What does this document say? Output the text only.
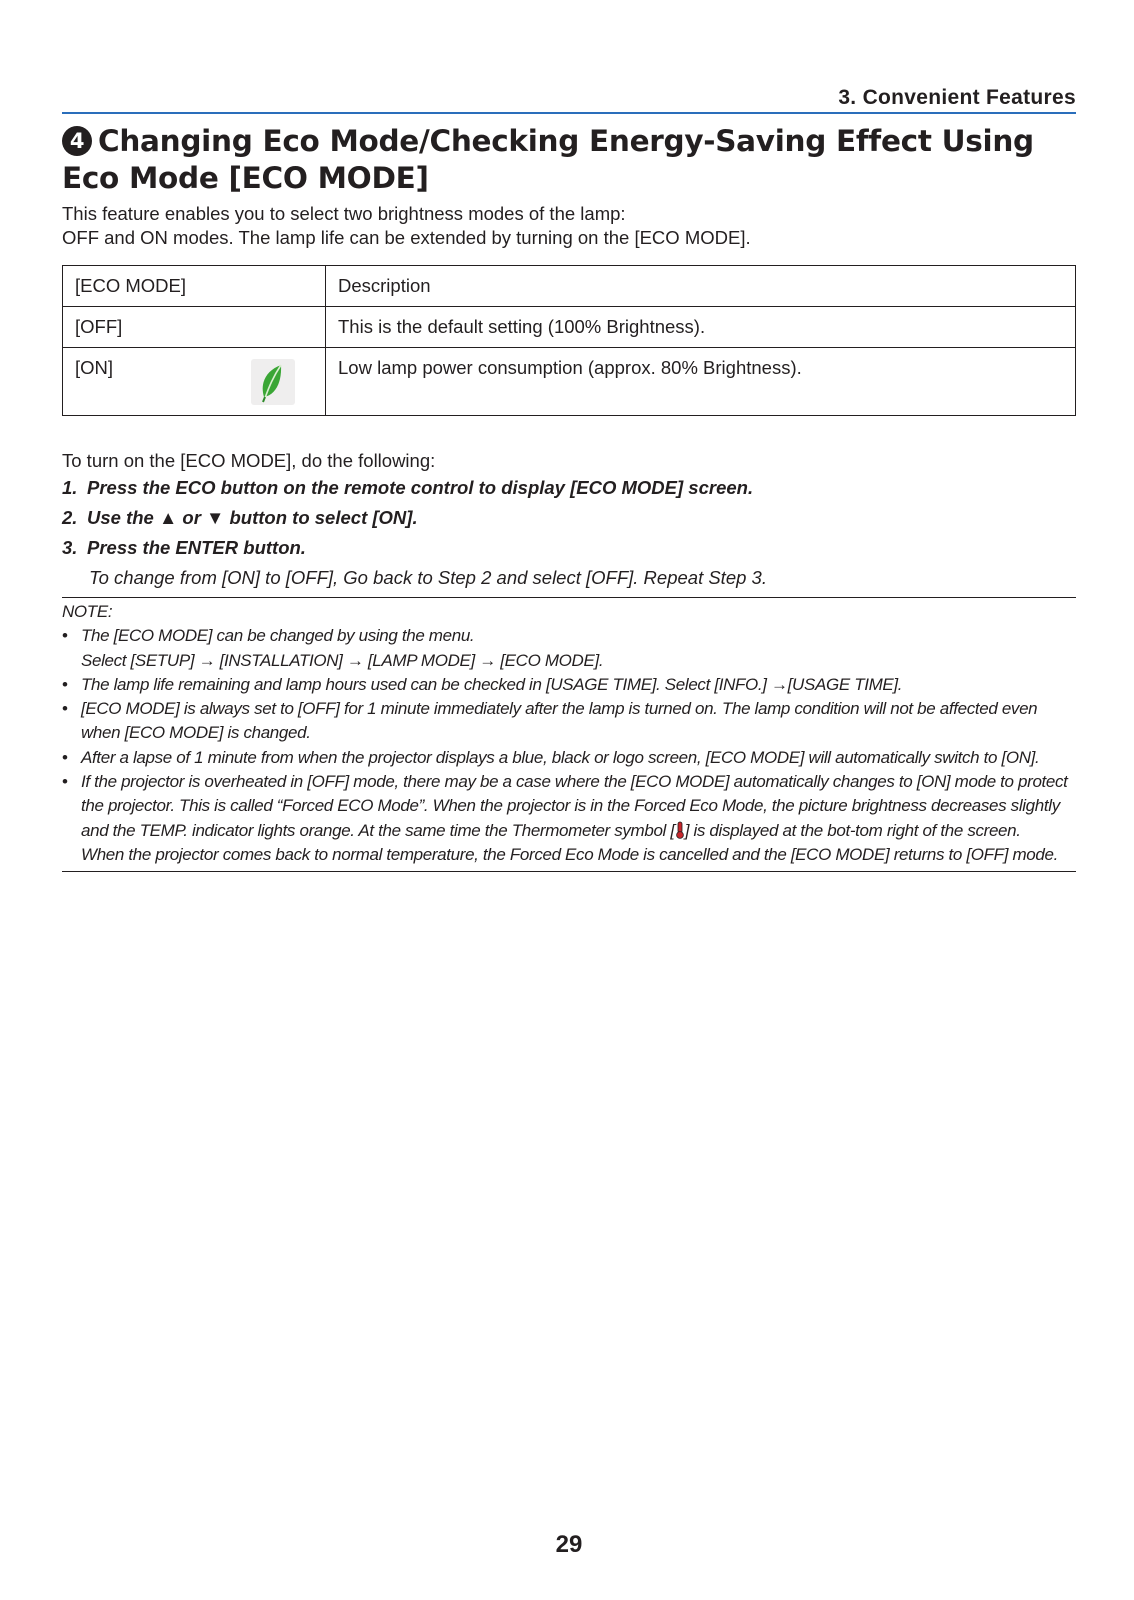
3. Convenient Features
4 Changing Eco Mode/Checking Energy-Saving Effect Using Eco Mode [ECO MODE]
This feature enables you to select two brightness modes of the lamp:
OFF and ON modes. The lamp life can be extended by turning on the [ECO MODE].
[ECO MODE]	Description
[OFF]	This is the default setting (100% Brightness).
[ON]	Low lamp power consumption (approx. 80% Brightness).
To turn on the [ECO MODE], do the following:
1. Press the ECO button on the remote control to display [ECO MODE] screen.
2. Use the ▲ or ▼ button to select [ON].
3. Press the ENTER button.
To change from [ON] to [OFF], Go back to Step 2 and select [OFF]. Repeat Step 3.
NOTE:
• The [ECO MODE] can be changed by using the menu.
Select [SETUP] → [INSTALLATION] → [LAMP MODE] → [ECO MODE].
• The lamp life remaining and lamp hours used can be checked in [USAGE TIME]. Select [INFO.] →[USAGE TIME].
• [ECO MODE] is always set to [OFF] for 1 minute immediately after the lamp is turned on. The lamp condition will not be affected even when [ECO MODE] is changed.
• After a lapse of 1 minute from when the projector displays a blue, black or logo screen, [ECO MODE] will automatically switch to [ON].
• If the projector is overheated in [OFF] mode, there may be a case where the [ECO MODE] automatically changes to [ON] mode to protect the projector. This is called “Forced ECO Mode”. When the projector is in the Forced Eco Mode, the picture brightness decreases slightly and the TEMP. indicator lights orange. At the same time the Thermometer symbol [ ] is displayed at the bot-tom right of the screen.
When the projector comes back to normal temperature, the Forced Eco Mode is cancelled and the [ECO MODE] returns to [OFF] mode.
29
